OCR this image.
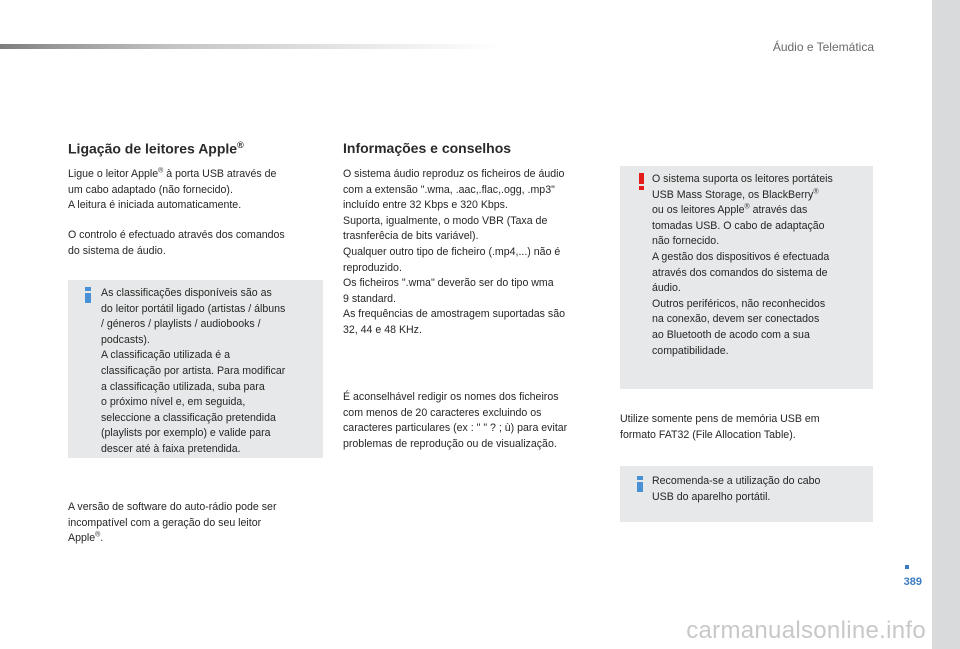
Áudio e Telemática
389
Ligação de leitores Apple®
Ligue o leitor Apple® à porta USB através de
um cabo adaptado (não fornecido).
A leitura é iniciada automaticamente.
O controlo é efectuado através dos comandos
do sistema de áudio.
As classificações disponíveis são as
do leitor portátil ligado (artistas / álbuns
/ géneros / playlists / audiobooks /
podcasts).
A classificação utilizada é a
classificação por artista. Para modificar
a classificação utilizada, suba para
o próximo nível e, em seguida,
seleccione a classificação pretendida
(playlists por exemplo) e valide para
descer até à faixa pretendida.
A versão de software do auto-rádio pode ser
incompatível com a geração do seu leitor
Apple®.
Informações e conselhos
O sistema áudio reproduz os ficheiros de áudio
com a extensão ".wma, .aac,.flac,.ogg, .mp3"
incluído entre 32 Kbps e 320 Kbps.
Suporta, igualmente, o modo VBR (Taxa de
trasnferêcia de bits variável).
Qualquer outro tipo de ficheiro (.mp4,...) não é
reproduzido.
Os ficheiros ".wma" deverão ser do tipo wma
9 standard.
As frequências de amostragem suportadas são
32, 44 e 48 KHz.
É aconselhável redigir os nomes dos ficheiros
com menos de 20 caracteres excluindo os
caracteres particulares (ex : " " ? ; ù) para evitar
problemas de reprodução ou de visualização.
O sistema suporta os leitores portáteis
USB Mass Storage, os BlackBerry®
ou os leitores Apple® através das
tomadas USB. O cabo de adaptação
não fornecido.
A gestão dos dispositivos é efectuada
através dos comandos do sistema de
áudio.
Outros periféricos, não reconhecidos
na conexão, devem ser conectados
ao Bluetooth de acodo com a sua
compatibilidade.
Utilize somente pens de memória USB em
formato FAT32 (File Allocation Table).
Recomenda-se a utilização do cabo
USB do aparelho portátil.
carmanualsonline.info
